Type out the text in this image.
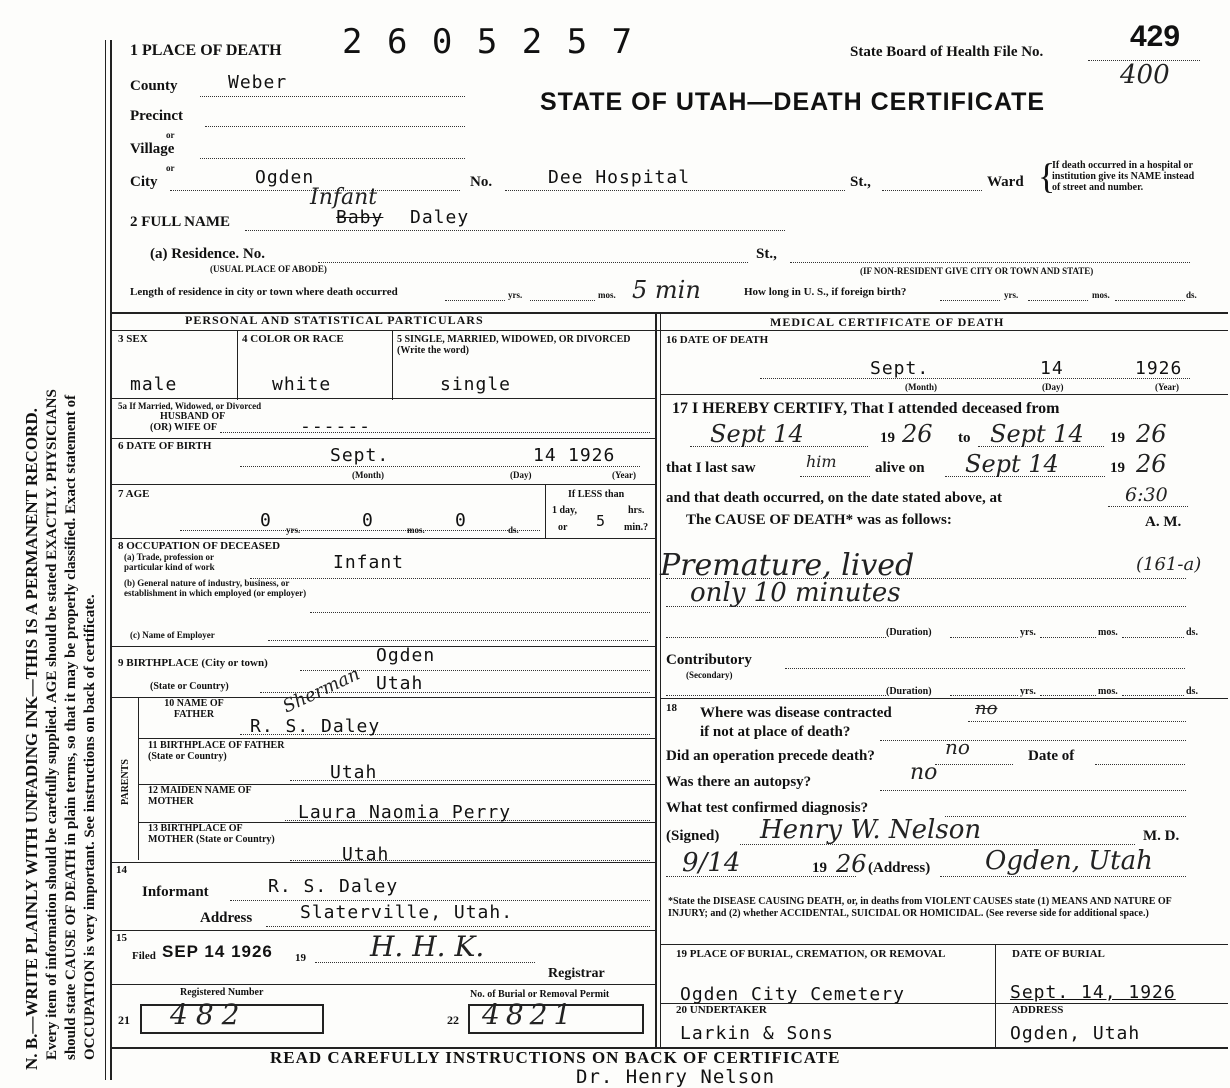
N. B.—WRITE PLAINLY WITH UNFADING INK—THIS IS A PERMANENT RECORD. Every item of information should be carefully supplied. AGE should be stated EXACTLY. PHYSICIANS should state CAUSE OF DEATH in plain terms, so that it may be properly classified. Exact statement of OCCUPATION is very important. See instructions on back of certificate.
1 PLACE OF DEATH 2 6 0 5 2 5 7	State Board of Health File No.	429
400
STATE OF UTAH—DEATH CERTIFICATE
County	Weber
Precinct
or
Village
or
City	Ogden	No.	Dee Hospital	St.,	Ward {
If death occurred in a hospital or institution give its NAME instead of street and number.
2 FULL NAME	Baby
Infant
Daley
(a) Residence. No.	St.,
(USUAL PLACE OF ABODE)	(IF NON-RESIDENT GIVE CITY OR TOWN AND STATE)
Length of residence in city or town where death occurred	yrs.	mos. 5 min	How long in U. S., if foreign birth?	yrs.	mos.	ds.
PERSONAL AND STATISTICAL PARTICULARS	MEDICAL CERTIFICATE OF DEATH
3 SEX	4 COLOR OR RACE	5 SINGLE, MARRIED, WIDOWED, OR DIVORCED (Write the word)
male	white	single
5a If Married, Widowed, or Divorced
HUSBAND OF
(OR) WIFE OF	------
6 DATE OF BIRTH	Sept.	14 1926
(Month)	(Day)	(Year)
7 AGE
0 yrs.	0	mos. 0	ds.
If LESS than
1 day,	hrs.
or 5 min.?
8 OCCUPATION OF DECEASED
(a) Trade, profession or particular kind of work	Infant
(b) General nature of industry, business, or establishment in which employed (or employer)
(c) Name of Employer
9 BIRTHPLACE (City or town)	Ogden
(State or Country)	Utah
PARENTS
10 NAME OF FATHER	Sherman
R. S. Daley
11 BIRTHPLACE OF FATHER (State or Country)
Utah
12 MAIDEN NAME OF MOTHER
Laura Naomia Perry
13 BIRTHPLACE OF MOTHER (State or Country)
Utah
14
Informant	R. S. Daley
Address	Slaterville, Utah.
15
Filed SEP 14 1926 19 H. H. K.
Registrar
Registered Number
21 482
No. of Burial or Removal Permit
22 4821
16 DATE OF DEATH
Sept.	14	1926
(Month)	(Day)	(Year)
17 I HEREBY CERTIFY, That I attended deceased from
Sept 14	19 26 to Sept 14 19 26
that I last saw	him	alive on Sept 14	19 26
and that death occurred, on the date stated above, at	6:30
The CAUSE OF DEATH* was as follows:	A. M.
Premature, lived	(161-a)
only 10 minutes
(Duration)	yrs.	mos.	ds.
Contributory
(Secondary)
(Duration)	yrs.	mos.	ds.
18 Where was disease contracted	no
if not at place of death?
Did an operation precede death?	no	Date of
Was there an autopsy?	no
What test confirmed diagnosis?
(Signed) Henry W. Nelson	M. D.
9/14	19 26 (Address) Ogden, Utah
*State the DISEASE CAUSING DEATH, or, in deaths from VIOLENT CAUSES state (1) MEANS AND NATURE OF INJURY; and (2) whether ACCIDENTAL, SUICIDAL OR HOMICIDAL. (See reverse side for additional space.)
19 PLACE OF BURIAL, CREMATION, OR REMOVAL	DATE OF BURIAL
Ogden City Cemetery	Sept. 14, 1926
20 UNDERTAKER	ADDRESS
Larkin & Sons	Ogden, Utah
READ CAREFULLY INSTRUCTIONS ON BACK OF CERTIFICATE
Dr. Henry Nelson
